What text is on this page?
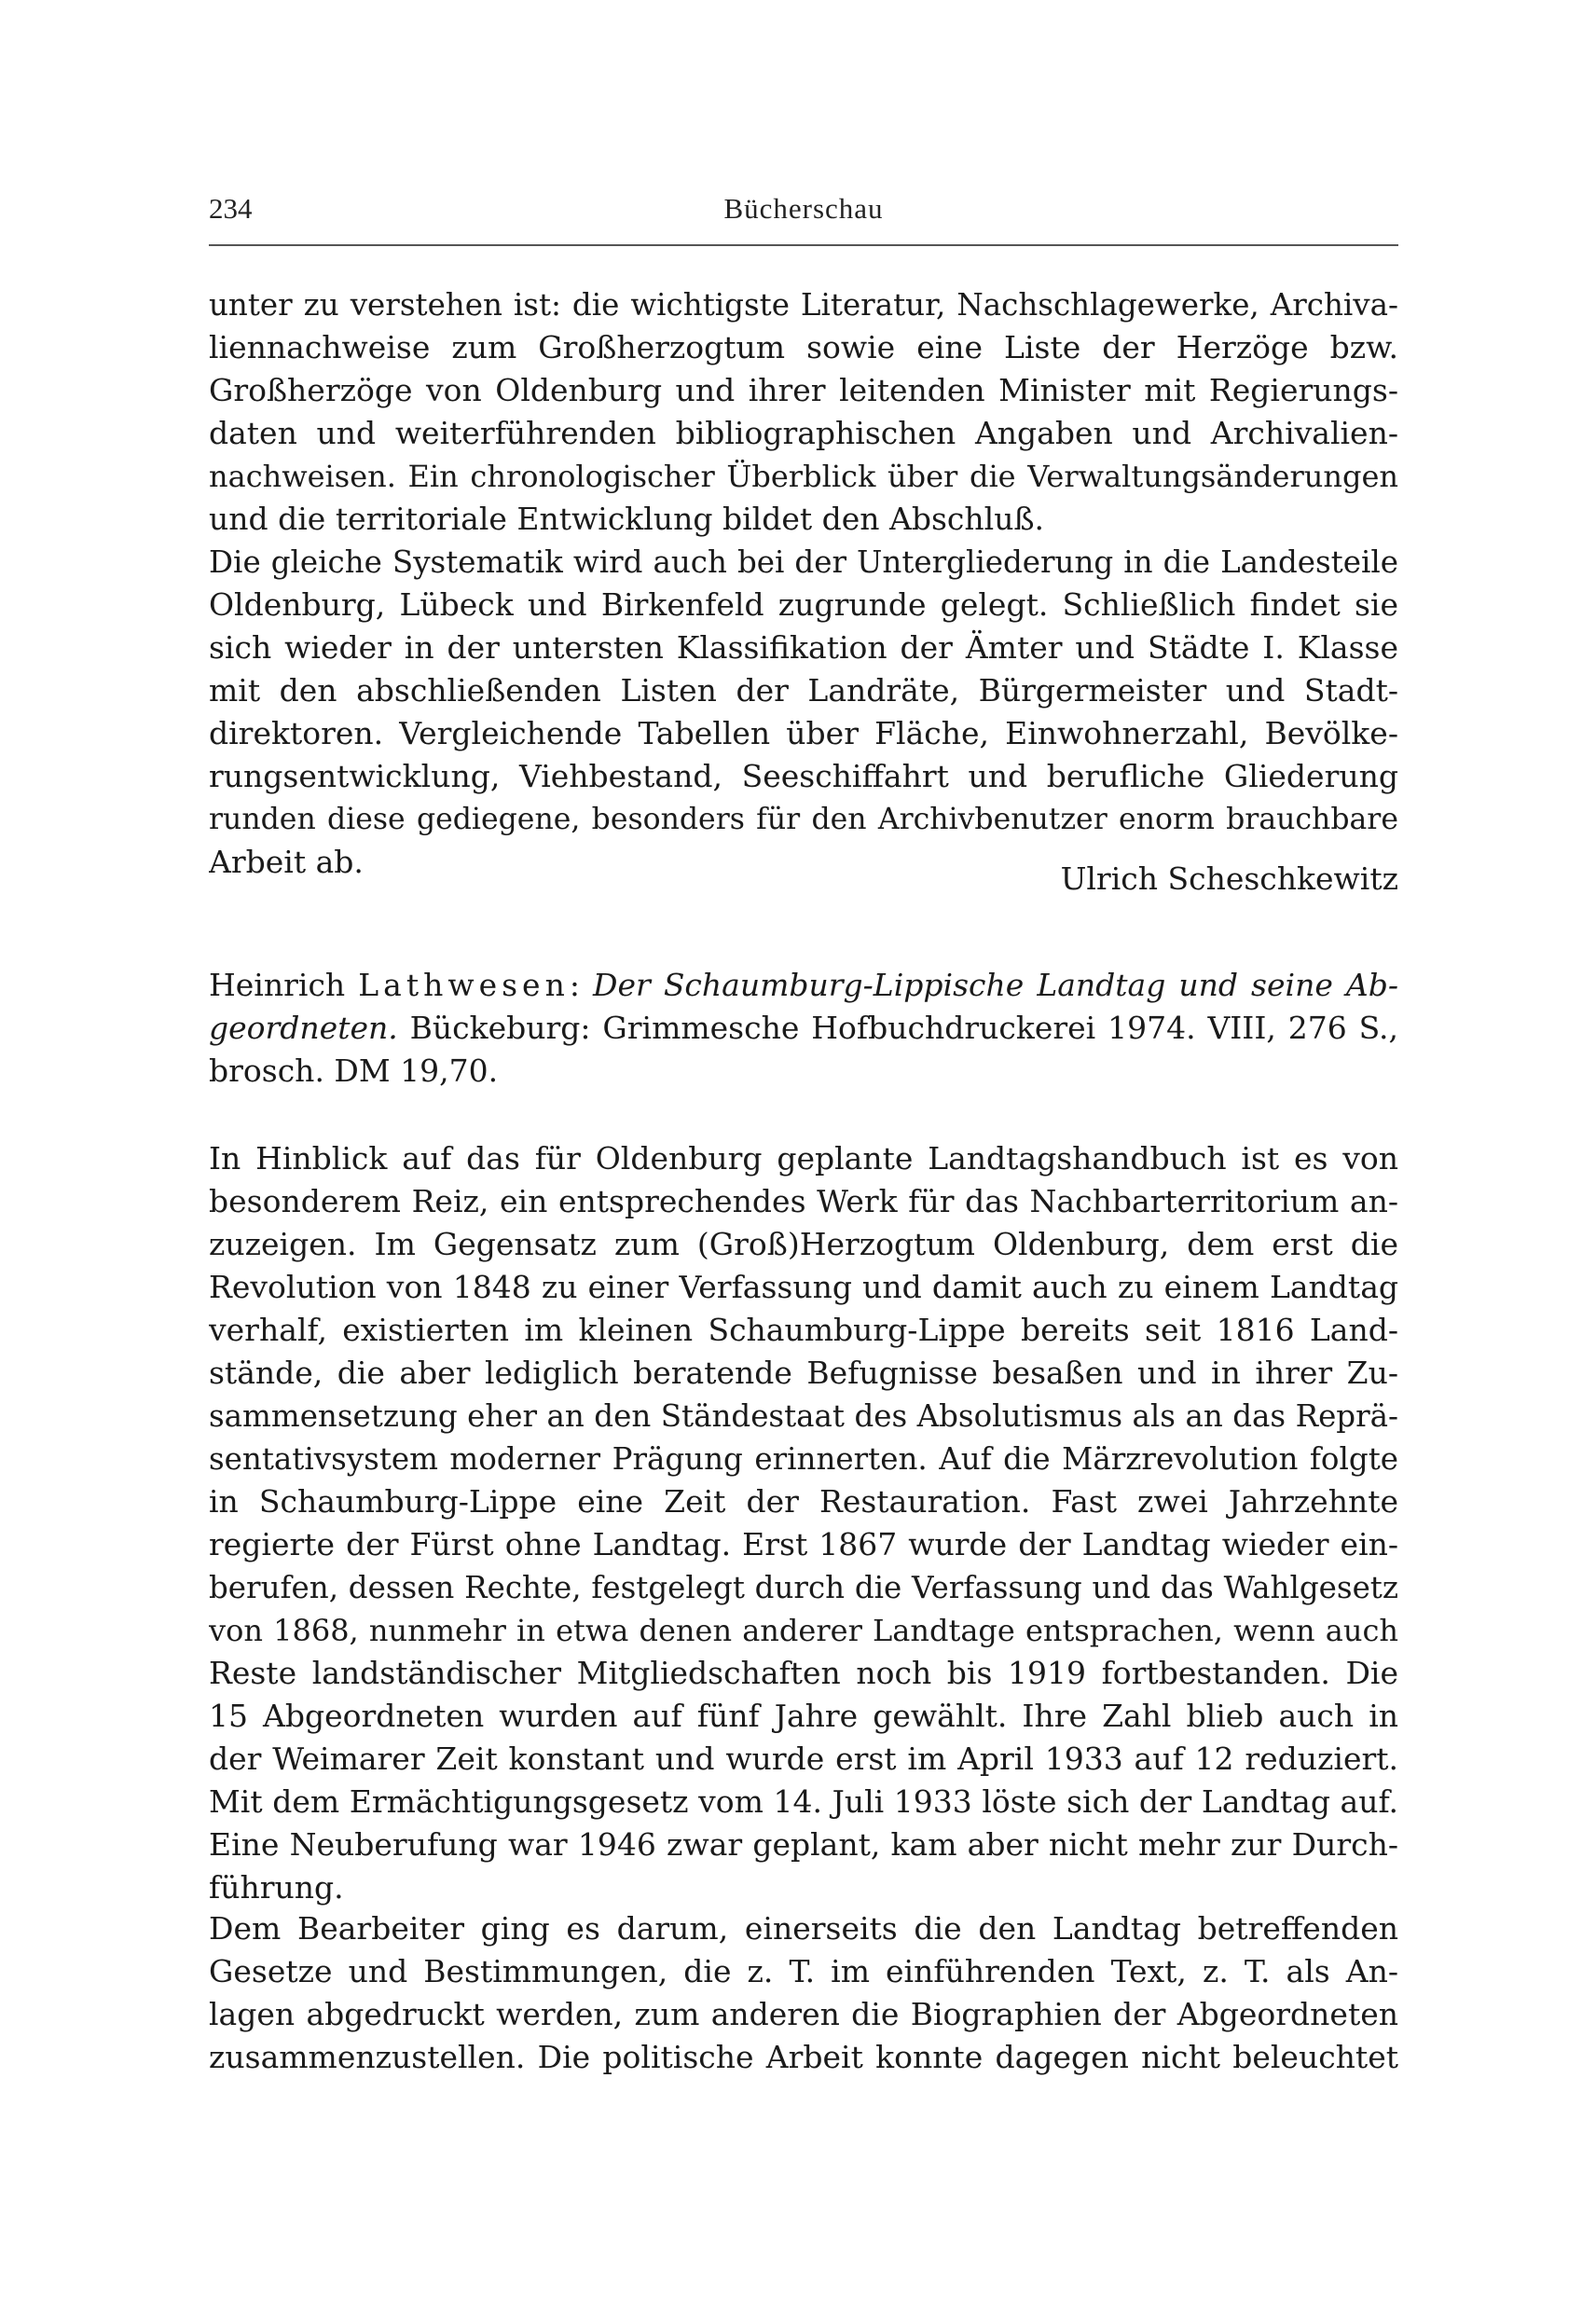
234	Bücherschau
unter zu verstehen ist: die wichtigste Literatur, Nachschlagewerke, Archiva-
liennachweise zum Großherzogtum sowie eine Liste der Herzöge bzw.
Großherzöge von Oldenburg und ihrer leitenden Minister mit Regierungs-
daten und weiterführenden bibliographischen Angaben und Archivalien-
nachweisen. Ein chronologischer Überblick über die Verwaltungsänderungen
und die territoriale Entwicklung bildet den Abschluß.
Die gleiche Systematik wird auch bei der Untergliederung in die Landesteile
Oldenburg, Lübeck und Birkenfeld zugrunde gelegt. Schließlich findet sie
sich wieder in der untersten Klassifikation der Ämter und Städte I. Klasse
mit den abschließenden Listen der Landräte, Bürgermeister und Stadt-
direktoren. Vergleichende Tabellen über Fläche, Einwohnerzahl, Bevölke-
rungsentwicklung, Viehbestand, Seeschiffahrt und berufliche Gliederung
runden diese gediegene, besonders für den Archivbenutzer enorm brauchbare
Arbeit ab.	Ulrich Scheschkewitz
Heinrich Lathwesen: Der Schaumburg-Lippische Landtag und seine Ab-
geordneten. Bückeburg: Grimmesche Hofbuchdruckerei 1974. VIII, 276 S.,
brosch. DM 19,70.
In Hinblick auf das für Oldenburg geplante Landtagshandbuch ist es von
besonderem Reiz, ein entsprechendes Werk für das Nachbarterritorium an-
zuzeigen. Im Gegensatz zum (Groß)Herzogtum Oldenburg, dem erst die
Revolution von 1848 zu einer Verfassung und damit auch zu einem Landtag
verhalf, existierten im kleinen Schaumburg-Lippe bereits seit 1816 Land-
stände, die aber lediglich beratende Befugnisse besaßen und in ihrer Zu-
sammensetzung eher an den Ständestaat des Absolutismus als an das Reprä-
sentativsystem moderner Prägung erinnerten. Auf die Märzrevolution folgte
in Schaumburg-Lippe eine Zeit der Restauration. Fast zwei Jahrzehnte
regierte der Fürst ohne Landtag. Erst 1867 wurde der Landtag wieder ein-
berufen, dessen Rechte, festgelegt durch die Verfassung und das Wahlgesetz
von 1868, nunmehr in etwa denen anderer Landtage entsprachen, wenn auch
Reste landständischer Mitgliedschaften noch bis 1919 fortbestanden. Die
15 Abgeordneten wurden auf fünf Jahre gewählt. Ihre Zahl blieb auch in
der Weimarer Zeit konstant und wurde erst im April 1933 auf 12 reduziert.
Mit dem Ermächtigungsgesetz vom 14. Juli 1933 löste sich der Landtag auf.
Eine Neuberufung war 1946 zwar geplant, kam aber nicht mehr zur Durch-
führung.
Dem Bearbeiter ging es darum, einerseits die den Landtag betreffenden
Gesetze und Bestimmungen, die z. T. im einführenden Text, z. T. als An-
lagen abgedruckt werden, zum anderen die Biographien der Abgeordneten
zusammenzustellen. Die politische Arbeit konnte dagegen nicht beleuchtet
